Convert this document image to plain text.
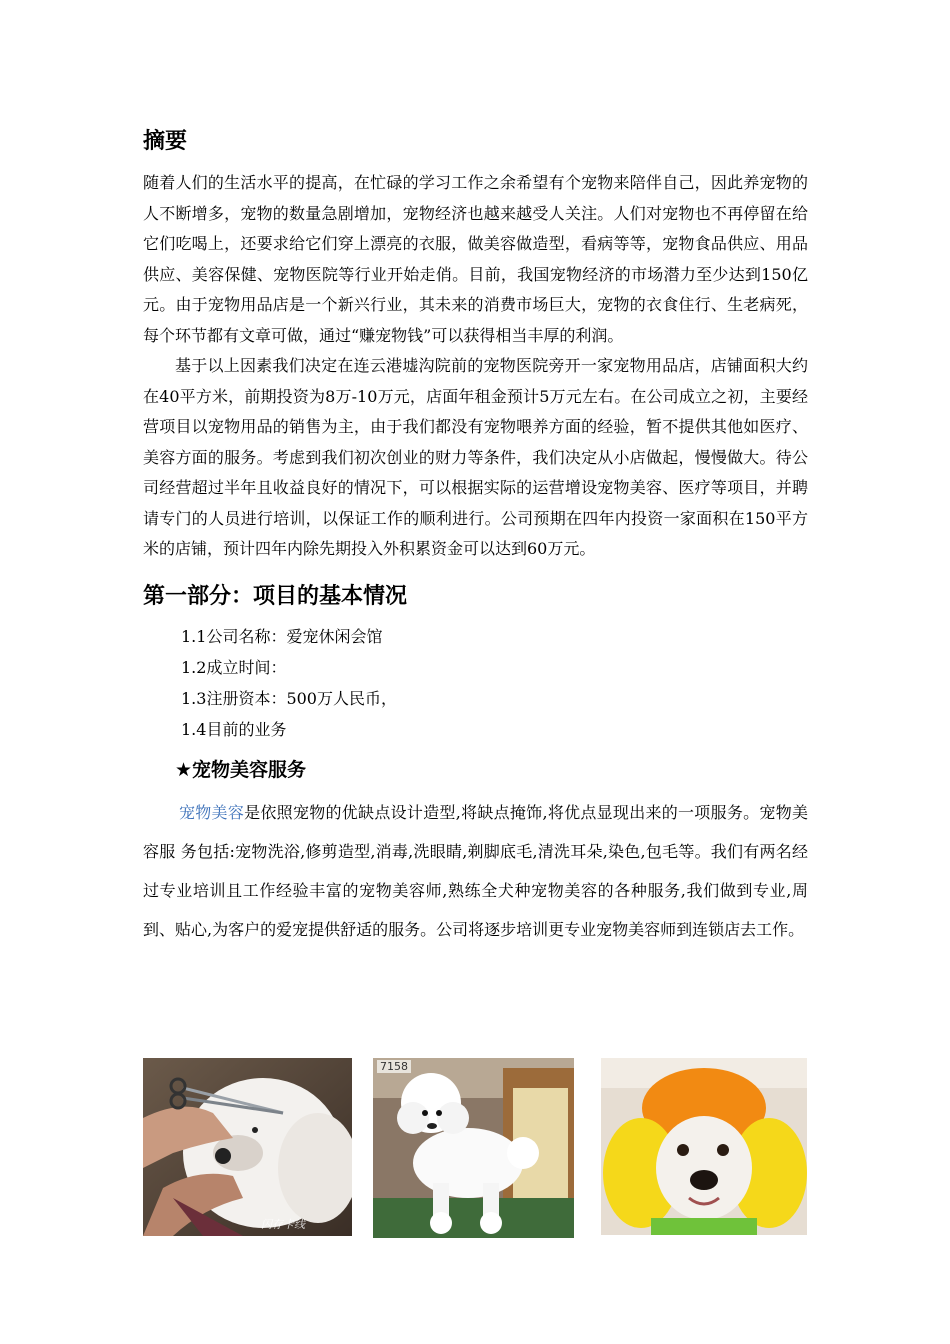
摘要

随着人们的生活水平的提高，在忙碌的学习工作之余希望有个宠物来陪伴自己，因此养宠物的人不断增多，宠物的数量急剧增加，宠物经济也越来越受人关注。人们对宠物也不再停留在给它们吃喝上，还要求给它们穿上漂亮的衣服，做美容做造型，看病等等，宠物食品供应、用品供应、美容保健、宠物医院等行业开始走俏。目前，我国宠物经济的市场潜力至少达到150亿元。由于宠物用品店是一个新兴行业，其未来的消费市场巨大，宠物的衣食住行、生老病死，每个环节都有文章可做，通过“赚宠物钱”可以获得相当丰厚的利润。

基于以上因素我们决定在连云港墟沟院前的宠物医院旁开一家宠物用品店，店铺面积大约在40平方米，前期投资为8万-10万元，店面年租金预计5万元左右。在公司成立之初，主要经营项目以宠物用品的销售为主，由于我们都没有宠物喂养方面的经验，暂不提供其他如医疗、美容方面的服务。考虑到我们初次创业的财力等条件，我们决定从小店做起，慢慢做大。待公司经营超过半年且收益良好的情况下，可以根据实际的运营增设宠物美容、医疗等项目，并聘请专门的人员进行培训，以保证工作的顺利进行。公司预期在四年内投资一家面积在150平方米的店铺，预计四年内除先期投入外积累资金可以达到60万元。

第一部分：项目的基本情况
1.1公司名称：爱宠休闲会馆
1.2成立时间：
1.3注册资本：500万人民币，
1.4目前的业务
★宠物美容服务

宠物美容是依照宠物的优缺点设计造型,将缺点掩饰,将优点显现出来的一项服务。宠物美容服 务包括:宠物洗浴,修剪造型,消毒,洗眼睛,剃脚底毛,清洗耳朵,染色,包毛等。我们有两名经过专业培训且工作经验丰富的宠物美容师,熟练全犬种宠物美容的各种服务,我们做到专业,周到、贴心,为客户的爱宠提供舒适的服务。公司将逐步培训更专业宠物美容师到连锁店去工作。

闪存卡线
7158
